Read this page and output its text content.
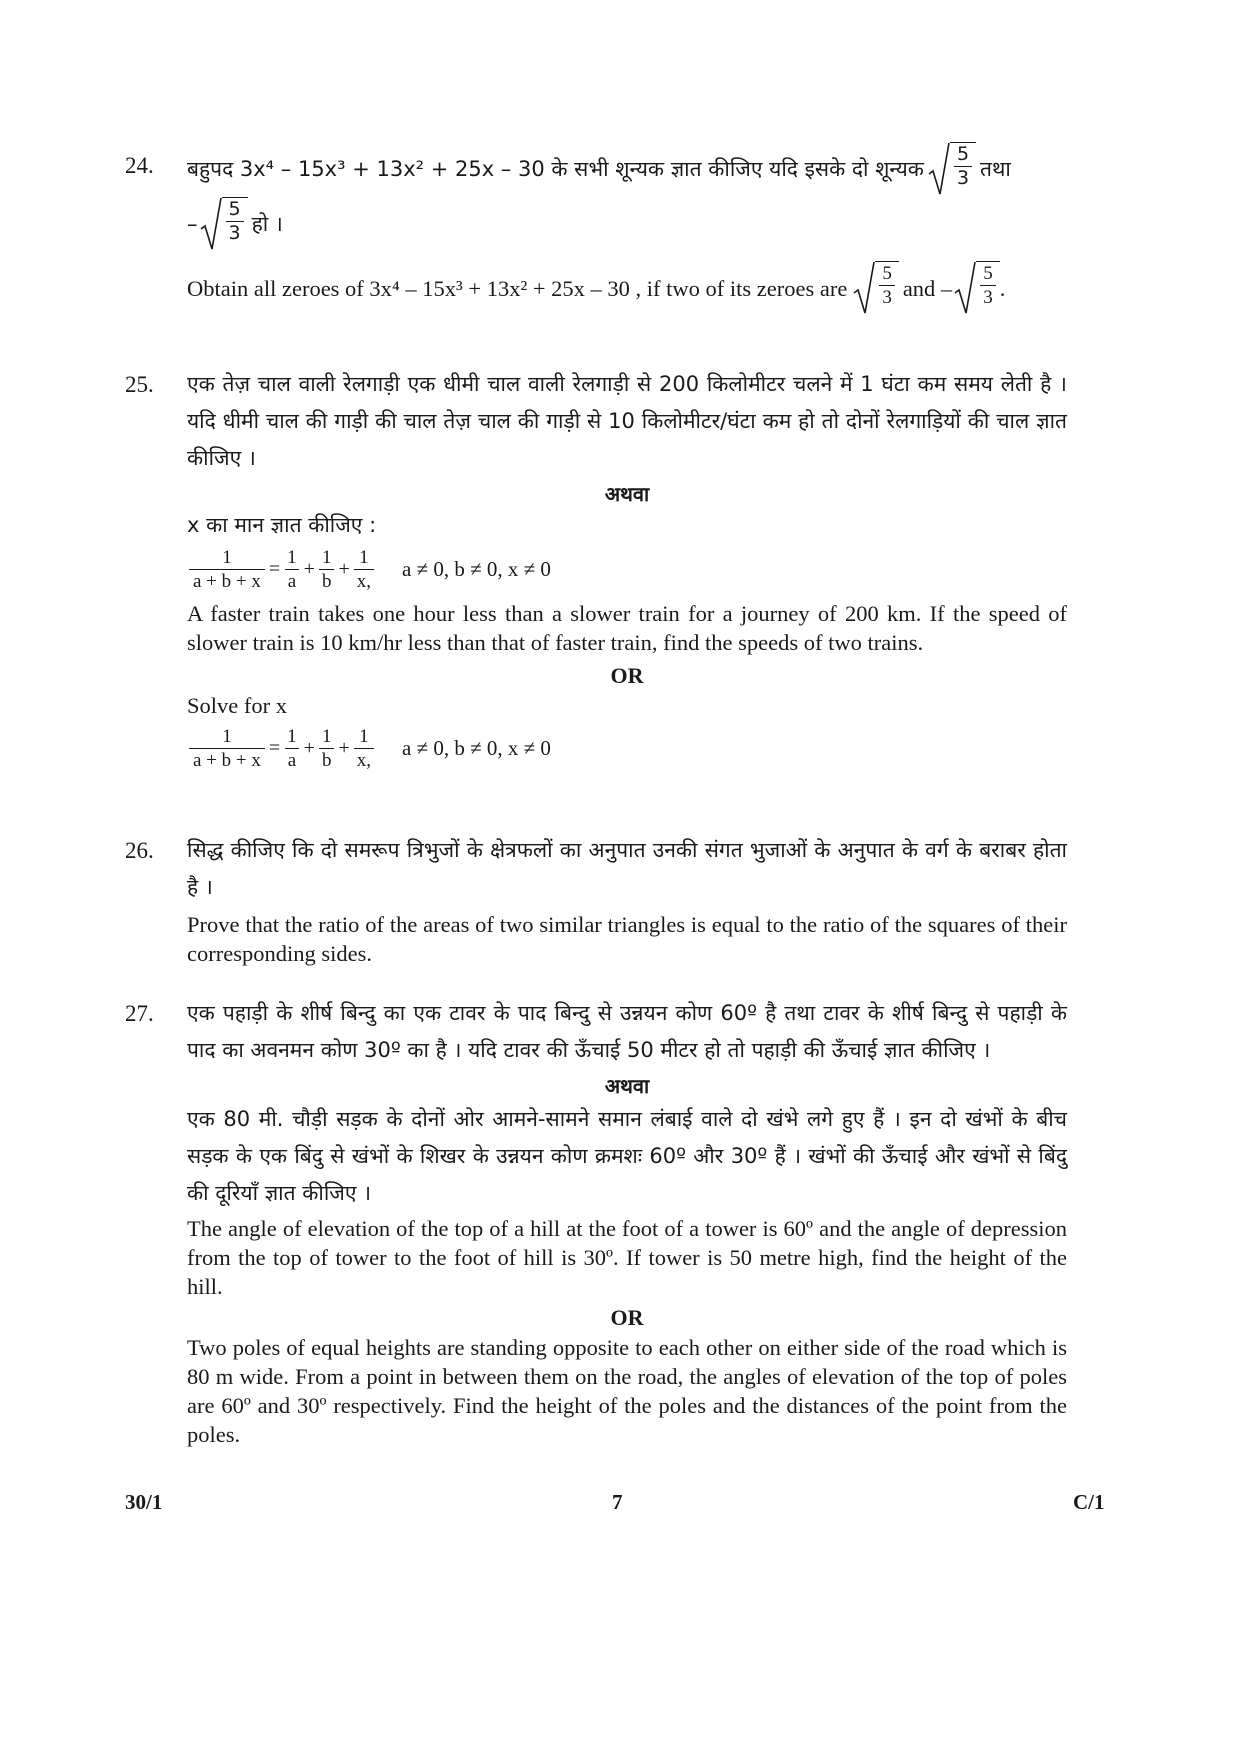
24. बहुपद 3x⁴ – 15x³ + 13x² + 25x – 30 के सभी शून्यक ज्ञात कीजिए यदि इसके दो शून्यक $\frac{5}{3}$ तथा
– $\frac{5}{3}$ हो ।
Obtain all zeroes of 3x⁴ – 15x³ + 13x² + 25x – 30 , if two of its zeroes are $\frac{5}{3}$ and – $\frac{5}{3}$ .
25. एक तेज़ चाल वाली रेलगाड़ी एक धीमी चाल वाली रेलगाड़ी से 200 किलोमीटर चलने में 1 घंटा कम समय लेती है । यदि धीमी चाल की गाड़ी की चाल तेज़ चाल की गाड़ी से 10 किलोमीटर/घंटा कम हो तो दोनों रेलगाड़ियों की चाल ज्ञात कीजिए ।

अथवा

x का मान ज्ञात कीजिए :

$\frac{1}{a + b + x} = \frac{1}{a} + \frac{1}{b} + \frac{1}{x,}$ a ≠ 0, b ≠ 0, x ≠ 0

A faster train takes one hour less than a slower train for a journey of 200 km. If the speed of slower train is 10 km/hr less than that of faster train, find the speeds of two trains.

OR

Solve for x

$\frac{1}{a + b + x} = \frac{1}{a} + \frac{1}{b} + \frac{1}{x,}$ a ≠ 0, b ≠ 0, x ≠ 0
26. सिद्ध कीजिए कि दो समरूप त्रिभुजों के क्षेत्रफलों का अनुपात उनकी संगत भुजाओं के अनुपात के वर्ग के बराबर होता है ।

Prove that the ratio of the areas of two similar triangles is equal to the ratio of the squares of their corresponding sides.

27. एक पहाड़ी के शीर्ष बिन्दु का एक टावर के पाद बिन्दु से उन्नयन कोण 60º है तथा टावर के शीर्ष बिन्दु से पहाड़ी के पाद का अवनमन कोण 30º का है । यदि टावर की ऊँचाई 50 मीटर हो तो पहाड़ी की ऊँचाई ज्ञात कीजिए ।

अथवा

एक 80 मी. चौड़ी सड़क के दोनों ओर आमने-सामने समान लंबाई वाले दो खंभे लगे हुए हैं । इन दो खंभों के बीच सड़क के एक बिंदु से खंभों के शिखर के उन्नयन कोण क्रमशः 60º और 30º हैं । खंभों की ऊँचाई और खंभों से बिंदु की दूरियाँ ज्ञात कीजिए ।

The angle of elevation of the top of a hill at the foot of a tower is 60º and the angle of depression from the top of tower to the foot of hill is 30º. If tower is 50 metre high, find the height of the hill.

OR

Two poles of equal heights are standing opposite to each other on either side of the road which is 80 m wide. From a point in between them on the road, the angles of elevation of the top of poles are 60º and 30º respectively. Find the height of the poles and the distances of the point from the poles.

30/1	7	C/1
